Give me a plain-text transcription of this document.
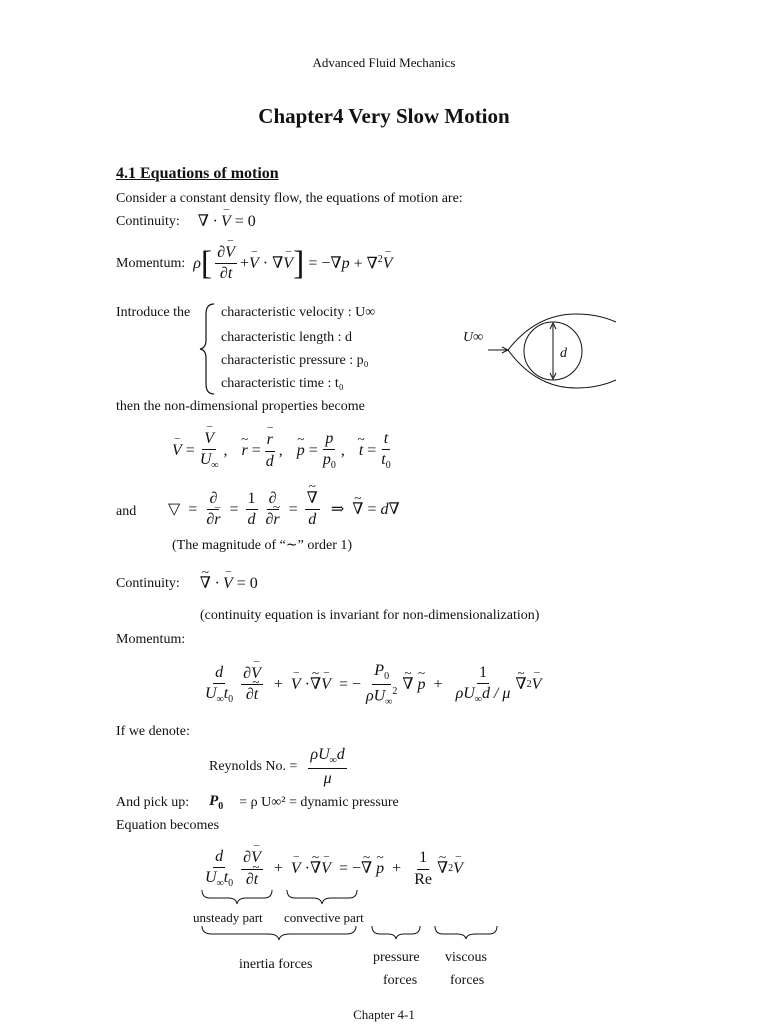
Advanced Fluid Mechanics
Chapter4 Very Slow Motion
4.1 Equations of motion
Consider a constant density flow, the equations of motion are:
Continuity: ∇ · – V = 0
Momentum: ρ [ $\frac{\partial- V}{\partial t}$ + – V · ∇ – V ] = −∇ p + ∇$^2$ – V
Introduce the characteristic velocity : U∞
characteristic length : d
characteristic pressure : p₀
characteristic time : t₀
U∞
d
then the non-dimensional properties become
– V = – $\frac{V}{U_\infty}$ , ~ r = – $\frac{r}{d}$ , ~ $p = \frac{p}{p_0}$ , ~ $t = \frac{t}{t_0}$
and ▽  = $\frac{\partial}{\partial- r} = \frac{1}{d} \frac{\partial}{\partial\sim r}$ = ~ $\frac{\nabla}{d}$ ⇒ ~ ∇ = d ∇
(The magnitude of “∼” order 1)
Continuity: ~ ∇ · – V = 0
(continuity equation is invariant for non-dimensionalization)
Momentum:
$\frac{d}{U_\infty t_0} \frac{\partial- V}{\partial\sim t}$ + – V · ~ ∇ – V = − $\frac{P_0}{\rho U_\infty^2}$ ~ ∇
~ $p + \frac{1}{\rho U_\infty d / \mu}$ ~ ∇ 2 – V
If we denote:
Reynolds No. = $\frac{\rho U_\infty d}{\mu}$
And pick up: $P_0 = \rho$ U∞² = dynamic pressure
Equation becomes
$\frac{d}{U_\infty t_0} \frac{\partial- V}{\partial\sim t}$ + – V · ~ ∇ – V = − ~ ∇
~ $p + \frac{1}{Re}$ ~ ∇ 2 – V
unsteady part convective part
inertia forces	pressure
forces
viscous
forces
Chapter 4-1
